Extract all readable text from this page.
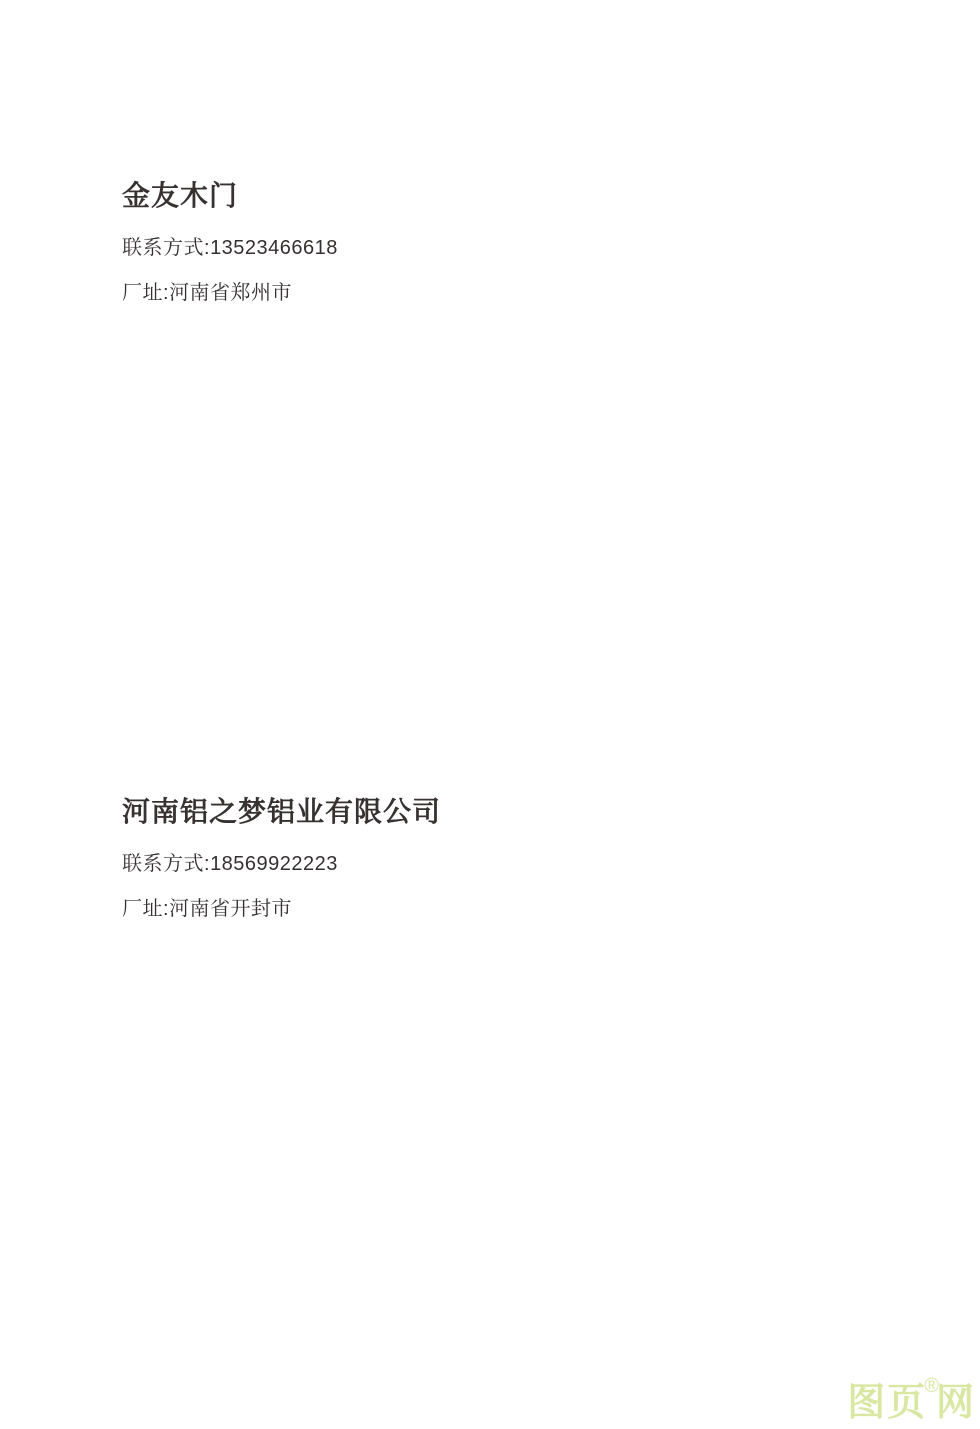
金友木门

联系方式:13523466618

厂址:河南省郑州市

河南铝之梦铝业有限公司

联系方式:18569922223

厂址:河南省开封市

图页®网
